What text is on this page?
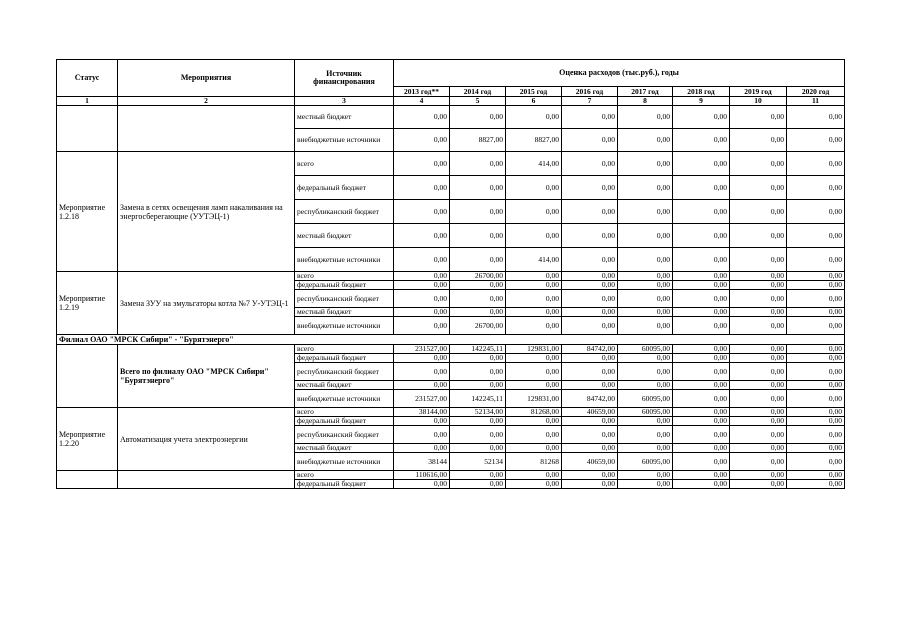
Статус	Мероприятия	Источник финансирования	Оценка расходов (тыс.руб.), годы							
			2013 год**	2014 год	2015 год	2016 год	2017 год	2018 год	2019 год	2020 год
1	2	3	4	5	6	7	8	9	10	11
		местный бюджет	0,00	0,00	0,00	0,00	0,00	0,00	0,00	0,00
		внебюджетные источники	0,00	8827,00	8827,00	0,00	0,00	0,00	0,00	0,00
Мероприятие 1.2.18	Замена в сетях освещения ламп накаливания на энергосберегающие (УУТЭЦ-1)	всего	0,00	0,00	414,00	0,00	0,00	0,00	0,00	0,00
		федеральный бюджет	0,00	0,00	0,00	0,00	0,00	0,00	0,00	0,00
		республиканский бюджет	0,00	0,00	0,00	0,00	0,00	0,00	0,00	0,00
		местный бюджет	0,00	0,00	0,00	0,00	0,00	0,00	0,00	0,00
		внебюджетные источники	0,00	0,00	414,00	0,00	0,00	0,00	0,00	0,00
Мероприятие 1.2.19	Замена ЗУУ на эмульгаторы котла №7 У-УТЭЦ-1	всего	0,00	26700,00	0,00	0,00	0,00	0,00	0,00	0,00
		федеральный бюджет	0,00	0,00	0,00	0,00	0,00	0,00	0,00	0,00
		республиканский бюджет	0,00	0,00	0,00	0,00	0,00	0,00	0,00	0,00
		местный бюджет	0,00	0,00	0,00	0,00	0,00	0,00	0,00	0,00
		внебюджетные источники	0,00	26700,00	0,00	0,00	0,00	0,00	0,00	0,00
Филиал ОАО "МРСК Сибири" - "Бурятэнерго"										
	Всего по филиалу ОАО "МРСК Сибири" "Бурятэнерго"	всего	231527,00	142245,11	129831,00	84742,00	60095,00	0,00	0,00	0,00
		федеральный бюджет	0,00	0,00	0,00	0,00	0,00	0,00	0,00	0,00
		республиканский бюджет	0,00	0,00	0,00	0,00	0,00	0,00	0,00	0,00
		местный бюджет	0,00	0,00	0,00	0,00	0,00	0,00	0,00	0,00
		внебюджетные источники	231527,00	142245,11	129831,00	84742,00	60095,00	0,00	0,00	0,00
Мероприятие 1.2.20	Автоматизация учета электроэнергии	всего	38144,00	52134,00	81268,00	40659,00	60095,00	0,00	0,00	0,00
		федеральный бюджет	0,00	0,00	0,00	0,00	0,00	0,00	0,00	0,00
		республиканский бюджет	0,00	0,00	0,00	0,00	0,00	0,00	0,00	0,00
		местный бюджет	0,00	0,00	0,00	0,00	0,00	0,00	0,00	0,00
		внебюджетные источники	38144	52134	81268	40659,00	60095,00	0,00	0,00	0,00
		всего	110616,00	0,00	0,00	0,00	0,00	0,00	0,00	0,00
		федеральный бюджет	0,00	0,00	0,00	0,00	0,00	0,00	0,00	0,00
